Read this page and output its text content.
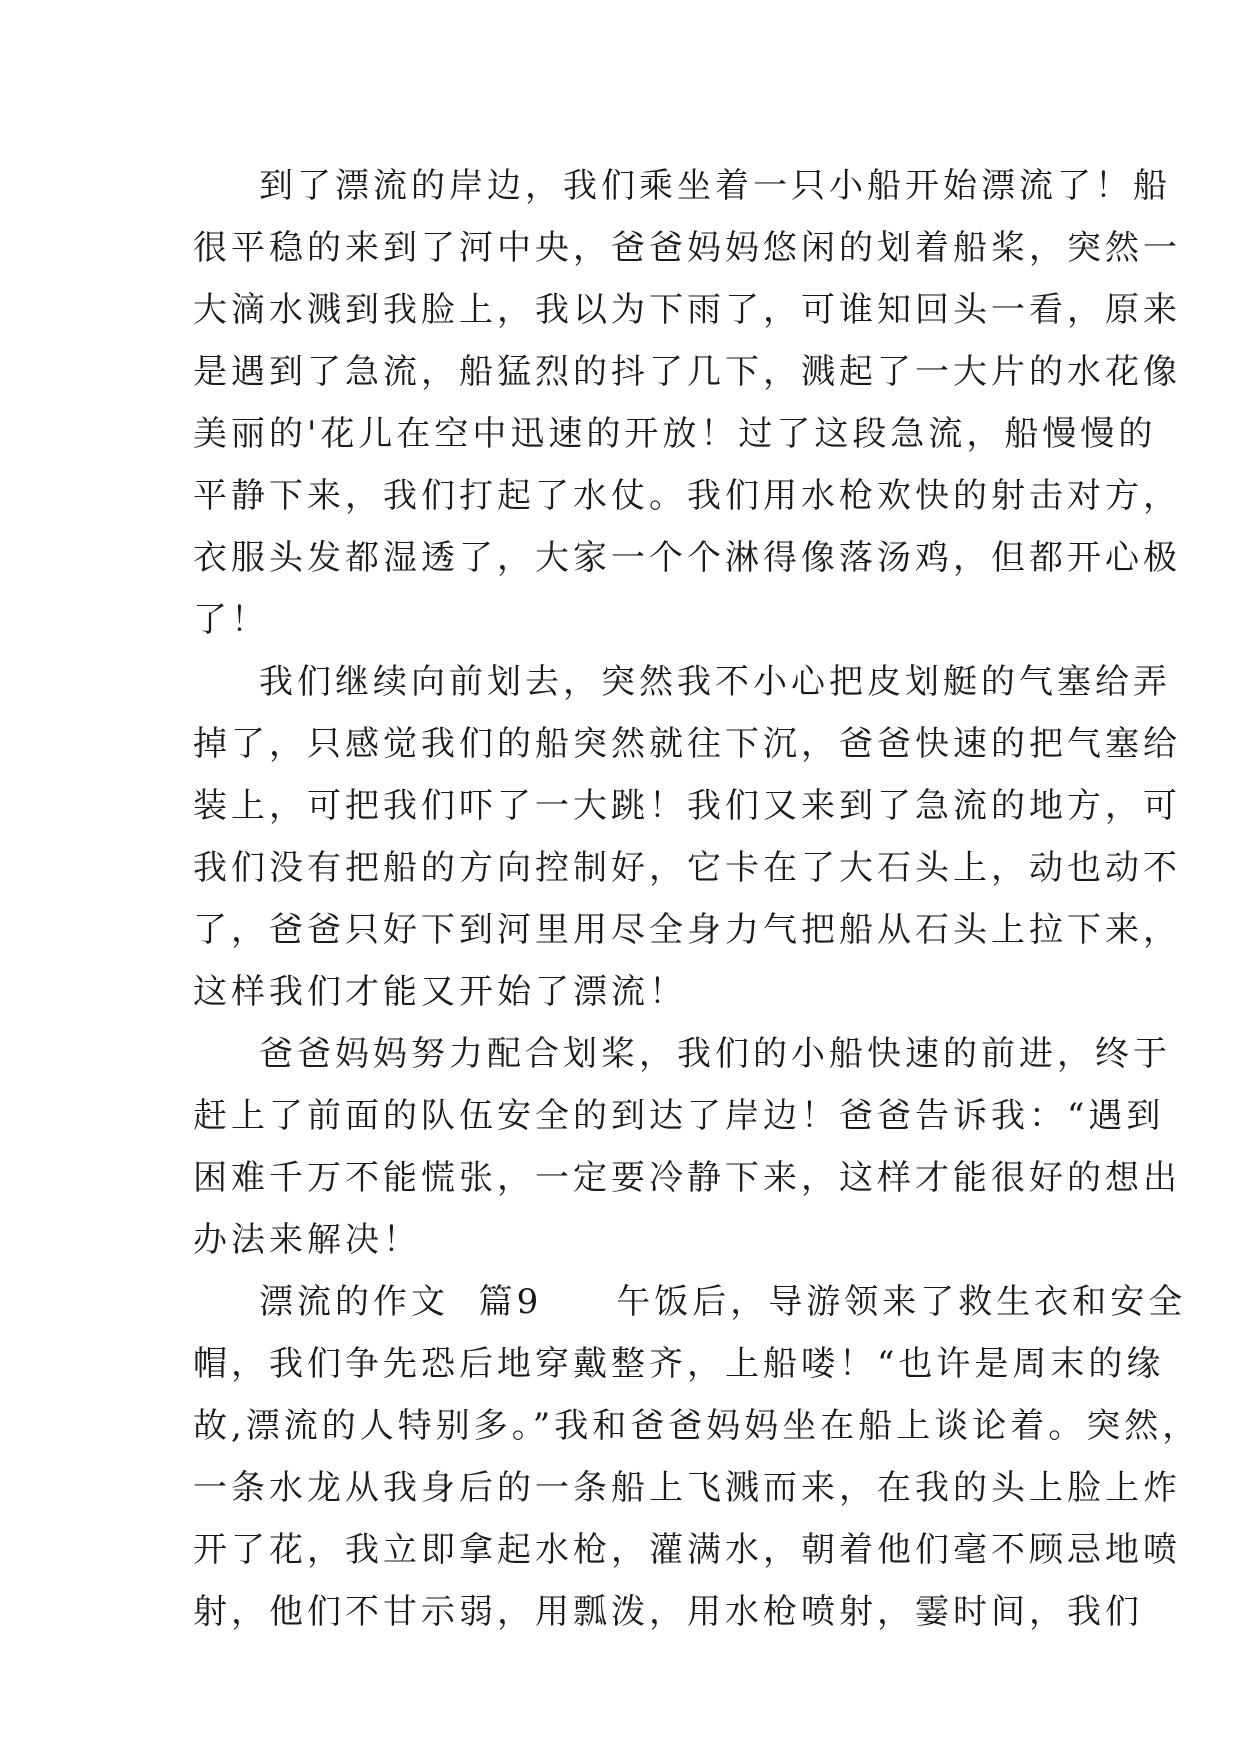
到了漂流的岸边，我们乘坐着一只小船开始漂流了！船
很平稳的来到了河中央，爸爸妈妈悠闲的划着船桨，突然一
大滴水溅到我脸上，我以为下雨了，可谁知回头一看，原来
是遇到了急流，船猛烈的抖了几下，溅起了一大片的水花像
美丽的'花儿在空中迅速的开放！过了这段急流，船慢慢的
平静下来，我们打起了水仗。我们用水枪欢快的射击对方，
衣服头发都湿透了，大家一个个淋得像落汤鸡，但都开心极
了！
我们继续向前划去，突然我不小心把皮划艇的气塞给弄
掉了，只感觉我们的船突然就往下沉，爸爸快速的把气塞给
装上，可把我们吓了一大跳！我们又来到了急流的地方，可
我们没有把船的方向控制好，它卡在了大石头上，动也动不
了，爸爸只好下到河里用尽全身力气把船从石头上拉下来，
这样我们才能又开始了漂流！
爸爸妈妈努力配合划桨，我们的小船快速的前进，终于
赶上了前面的队伍安全的到达了岸边！爸爸告诉我：“遇到
困难千万不能慌张，一定要冷静下来，这样才能很好的想出
办法来解决！
漂流的作文  篇9     午饭后，导游领来了救生衣和安全
帽，我们争先恐后地穿戴整齐，上船喽！“也许是周末的缘
故,漂流的人特别多。”我和爸爸妈妈坐在船上谈论着。突然，
一条水龙从我身后的一条船上飞溅而来，在我的头上脸上炸
开了花，我立即拿起水枪，灌满水，朝着他们毫不顾忌地喷
射，他们不甘示弱，用瓢泼，用水枪喷射，霎时间，我们
